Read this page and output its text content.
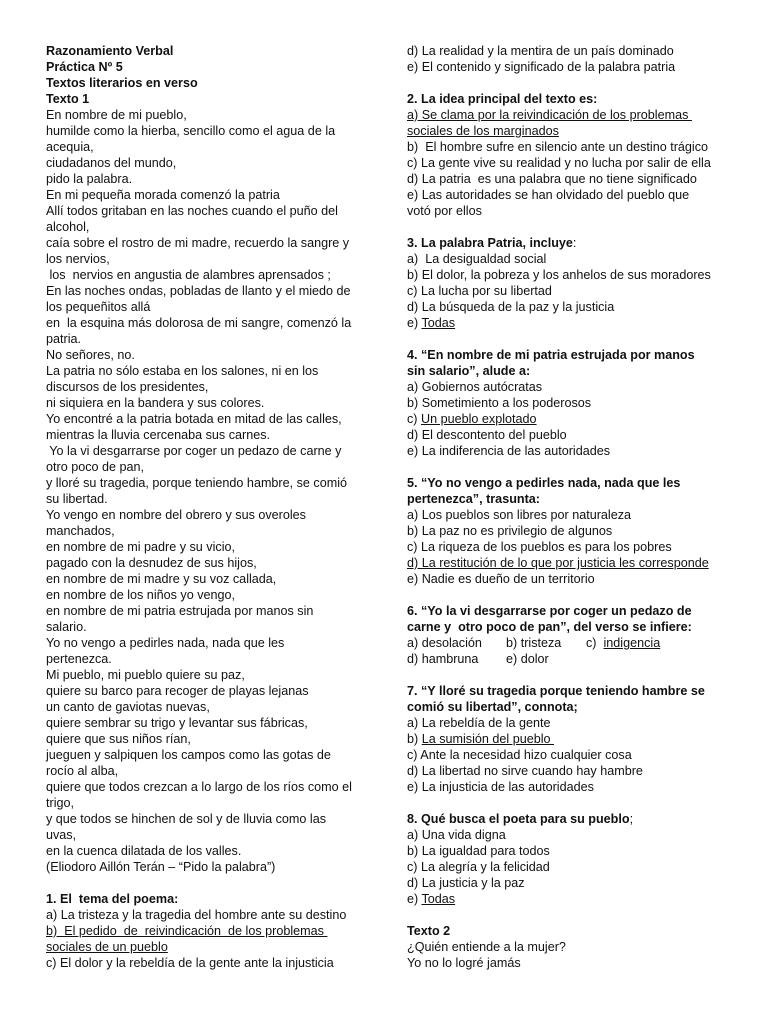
Razonamiento Verbal
Práctica Nº 5
Textos literarios en verso
Texto 1
En nombre de mi pueblo,
humilde como la hierba, sencillo como el agua de la
acequia,
ciudadanos del mundo,
pido la palabra.
En mi pequeña morada comenzó la patria
Allí todos gritaban en las noches cuando el puño del
alcohol,
caía sobre el rostro de mi madre, recuerdo la sangre y
los nervios,
los  nervios en angustia de alambres aprensados ;
En las noches ondas, pobladas de llanto y el miedo de
los pequeñitos allá
en  la esquina más dolorosa de mi sangre, comenzó la
patria.
No señores, no.
La patria no sólo estaba en los salones, ni en los
discursos de los presidentes,
ni siquiera en la bandera y sus colores.
Yo encontré a la patria botada en mitad de las calles,
mientras la lluvia cercenaba sus carnes.
Yo la vi desgarrarse por coger un pedazo de carne y
otro poco de pan,
y lloré su tragedia, porque teniendo hambre, se comió
su libertad.
Yo vengo en nombre del obrero y sus overoles
manchados,
en nombre de mi padre y su vicio,
pagado con la desnudez de sus hijos,
en nombre de mi madre y su voz callada,
en nombre de los niños yo vengo,
en nombre de mi patria estrujada por manos sin
salario.
Yo no vengo a pedirles nada, nada que les
pertenezca.
Mi pueblo, mi pueblo quiere su paz,
quiere su barco para recoger de playas lejanas
un canto de gaviotas nuevas,
quiere sembrar su trigo y levantar sus fábricas,
quiere que sus niños rían,
jueguen y salpiquen los campos como las gotas de
rocío al alba,
quiere que todos crezcan a lo largo de los ríos como el
trigo,
y que todos se hinchen de sol y de lluvia como las
uvas,
en la cuenca dilatada de los valles.
(Eliodoro Aillón Terán – “Pido la palabra”)
1. El  tema del poema:
a) La tristeza y la tragedia del hombre ante su destino
b)  El pedido  de  reivindicación  de los problemas
sociales de un pueblo
c) El dolor y la rebeldía de la gente ante la injusticia
d) La realidad y la mentira de un país dominado
e) El contenido y significado de la palabra patria
2. La idea principal del texto es:
a) Se clama por la reivindicación de los problemas
sociales de los marginados
b)  El hombre sufre en silencio ante un destino trágico
c) La gente vive su realidad y no lucha por salir de ella
d) La patria  es una palabra que no tiene significado
e) Las autoridades se han olvidado del pueblo que
votó por ellos
3. La palabra Patria, incluye:
a)  La desigualdad social
b) El dolor, la pobreza y los anhelos de sus moradores
c) La lucha por su libertad
d) La búsqueda de la paz y la justicia
e) Todas
4. “En nombre de mi patria estrujada por manos
sin salario”, alude a:
a) Gobiernos autócratas
b) Sometimiento a los poderosos
c) Un pueblo explotado
d) El descontento del pueblo
e) La indiferencia de las autoridades
5. “Yo no vengo a pedirles nada, nada que les
pertenezca”, trasunta:
a) Los pueblos son libres por naturaleza
b) La paz no es privilegio de algunos
c) La riqueza de los pueblos es para los pobres
d) La restitución de lo que por justicia les corresponde
e) Nadie es dueño de un territorio
6. “Yo la vi desgarrarse por coger un pedazo de
carne y  otro poco de pan”, del verso se infiere:
a) desolación b) tristeza c)  indigencia
d) hambruna e) dolor
7. “Y lloré su tragedia porque teniendo hambre se
comió su libertad”, connota;
a) La rebeldía de la gente
b) La sumisión del pueblo
c) Ante la necesidad hizo cualquier cosa
d) La libertad no sirve cuando hay hambre
e) La injusticia de las autoridades
8. Qué busca el poeta para su pueblo;
a) Una vida digna
b) La igualdad para todos
c) La alegría y la felicidad
d) La justicia y la paz
e) Todas
Texto 2
¿Quién entiende a la mujer?
Yo no lo logré jamás
